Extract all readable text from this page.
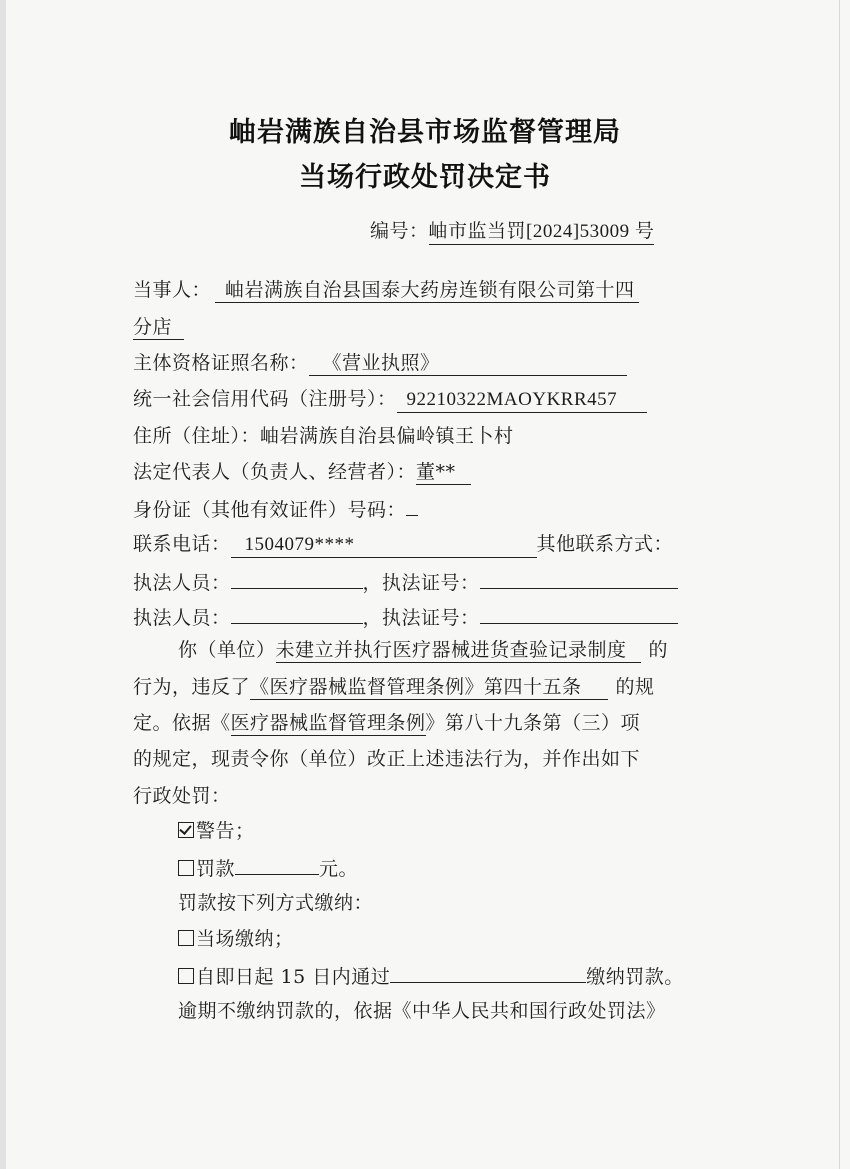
岫岩满族自治县市场监督管理局
当场行政处罚决定书
编号：岫市监当罚[2024]53009 号
当事人： 岫岩满族自治县国泰大药房连锁有限公司第十四
分店
主体资格证照名称： 《营业执照》
统一社会信用代码（注册号）： 92210322MAOYKRR457
住所（住址）：岫岩满族自治县偏岭镇王卜村
法定代表人（负责人、经营者）：董**
身份证（其他有效证件）号码：
联系电话： 1504079****	其他联系方式：
执法人员：	，执法证号：
执法人员：	，执法证号：
你（单位）未建立并执行医疗器械进货查验记录制度 的
行为，违反了《医疗器械监督管理条例》第四十五条 的规
定。依据《医疗器械监督管理条例》第八十九条第（三）项
的规定，现责令你（单位）改正上述违法行为，并作出如下
行政处罚：
警告；
罚款	元。
罚款按下列方式缴纳：
当场缴纳；
自即日起 15 日内通过	缴纳罚款。
逾期不缴纳罚款的，依据《中华人民共和国行政处罚法》
